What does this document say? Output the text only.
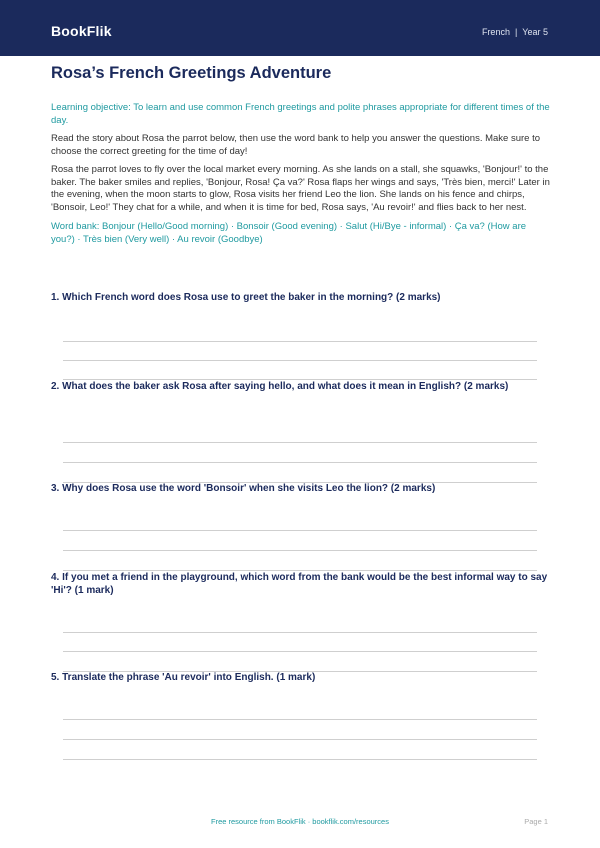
BookFlik	French | Year 5
Rosa’s French Greetings Adventure

Learning objective: To learn and use common French greetings and polite phrases appropriate for different times of the day.

Read the story about Rosa the parrot below, then use the word bank to help you answer the questions. Make sure to choose the correct greeting for the time of day!

Rosa the parrot loves to fly over the local market every morning. As she lands on a stall, she squawks, 'Bonjour!' to the baker. The baker smiles and replies, 'Bonjour, Rosa! Ça va?' Rosa flaps her wings and says, 'Très bien, merci!' Later in the evening, when the moon starts to glow, Rosa visits her friend Leo the lion. She lands on his fence and chirps, 'Bonsoir, Leo!' They chat for a while, and when it is time for bed, Rosa says, 'Au revoir!' and flies back to her nest.

Word bank: Bonjour (Hello/Good morning) · Bonsoir (Good evening) · Salut (Hi/Bye - informal) · Ça va? (How are you?) · Très bien (Very well) · Au revoir (Goodbye)

1. Which French word does Rosa use to greet the baker in the morning? (2 marks)
2. What does the baker ask Rosa after saying hello, and what does it mean in English? (2 marks)
3. Why does Rosa use the word 'Bonsoir' when she visits Leo the lion? (2 marks)
4. If you met a friend in the playground, which word from the bank would be the best informal way to say 'Hi'? (1 mark)
5. Translate the phrase 'Au revoir' into English. (1 mark)
Free resource from BookFlik · bookflik.com/resources	Page 1
